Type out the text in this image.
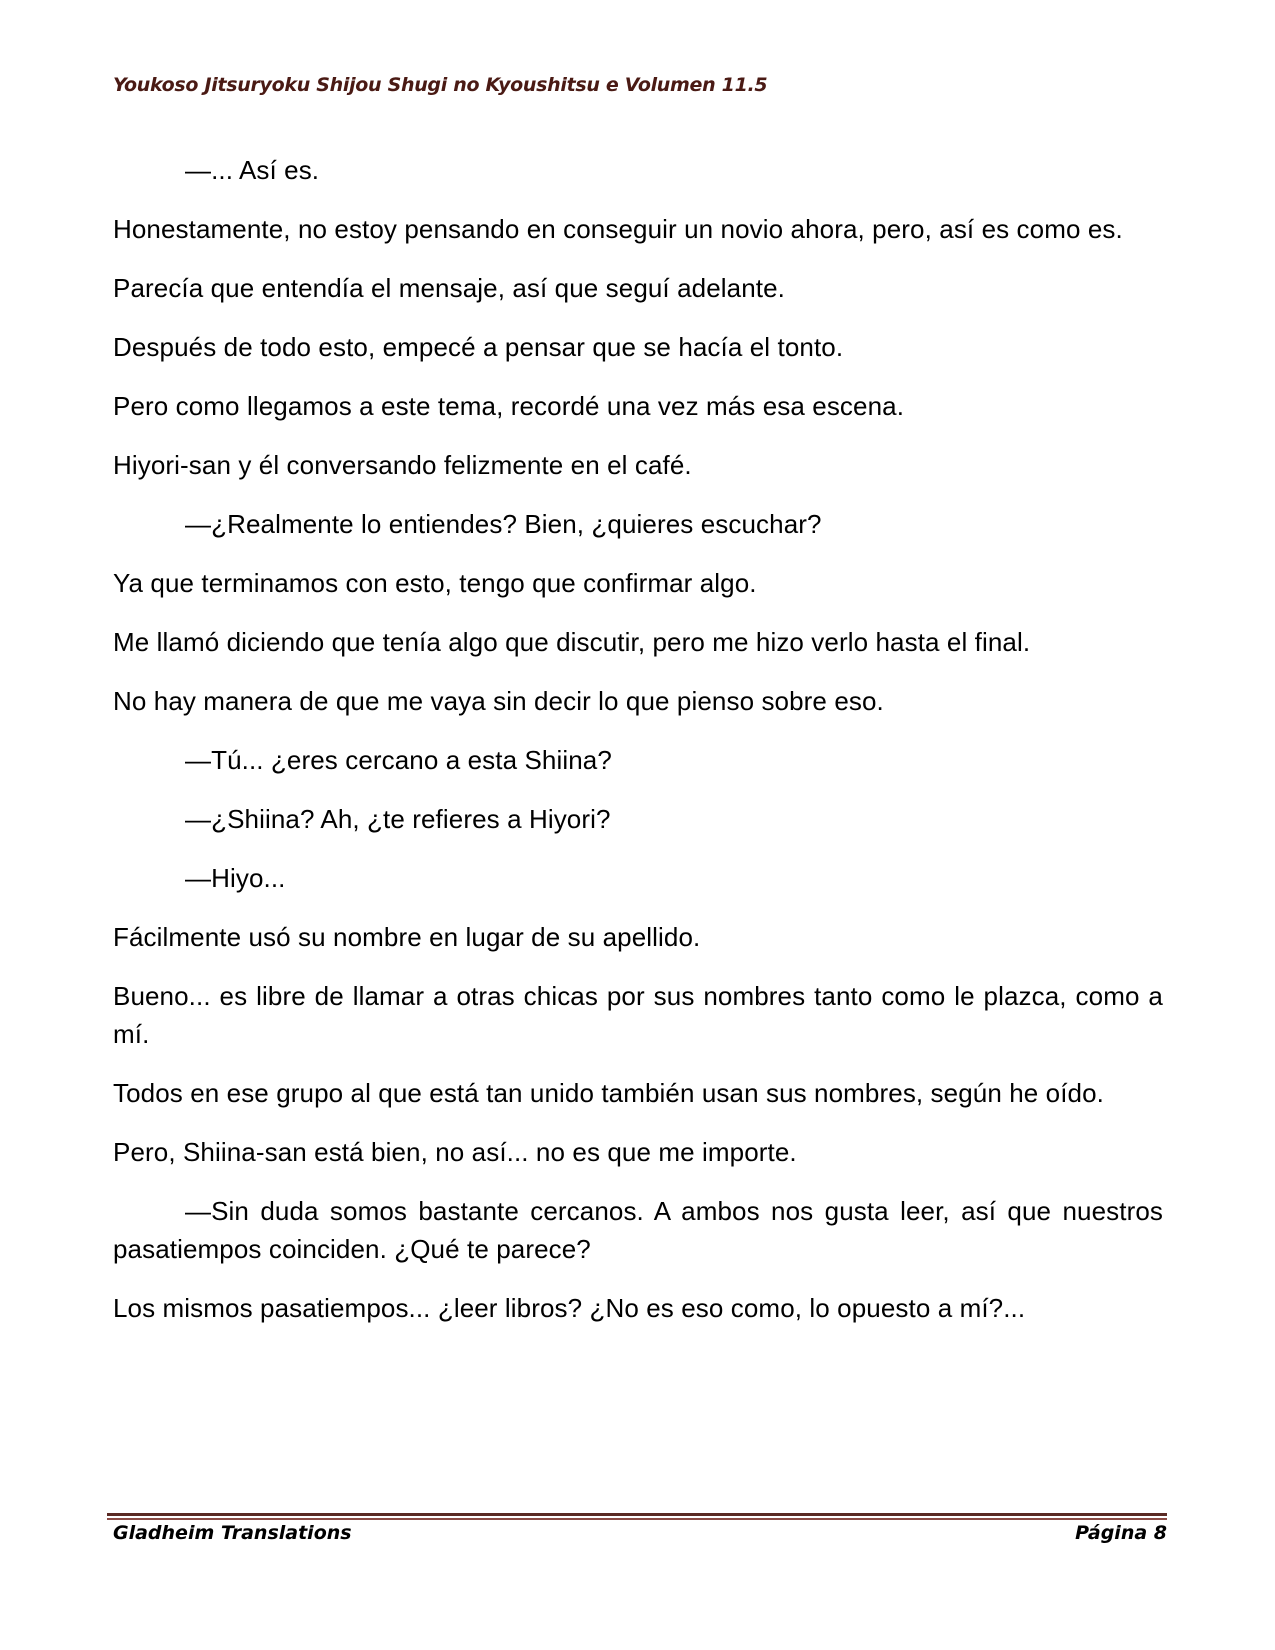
Youkoso Jitsuryoku Shijou Shugi no Kyoushitsu e Volumen 11.5

—... Así es.

Honestamente, no estoy pensando en conseguir un novio ahora, pero, así es como es.

Parecía que entendía el mensaje, así que seguí adelante.

Después de todo esto, empecé a pensar que se hacía el tonto.

Pero como llegamos a este tema, recordé una vez más esa escena.

Hiyori-san y él conversando felizmente en el café.

—¿Realmente lo entiendes? Bien, ¿quieres escuchar?

Ya que terminamos con esto, tengo que confirmar algo.

Me llamó diciendo que tenía algo que discutir, pero me hizo verlo hasta el final.

No hay manera de que me vaya sin decir lo que pienso sobre eso.

—Tú... ¿eres cercano a esta Shiina?

—¿Shiina? Ah, ¿te refieres a Hiyori?

—Hiyo...

Fácilmente usó su nombre en lugar de su apellido.

Bueno... es libre de llamar a otras chicas por sus nombres tanto como le plazca, como a mí.

Todos en ese grupo al que está tan unido también usan sus nombres, según he oído.

Pero, Shiina-san está bien, no así... no es que me importe.

—Sin duda somos bastante cercanos. A ambos nos gusta leer, así que nuestros pasatiempos coinciden. ¿Qué te parece?

Los mismos pasatiempos... ¿leer libros? ¿No es eso como, lo opuesto a mí?...

Gladheim Translations	Página 8
